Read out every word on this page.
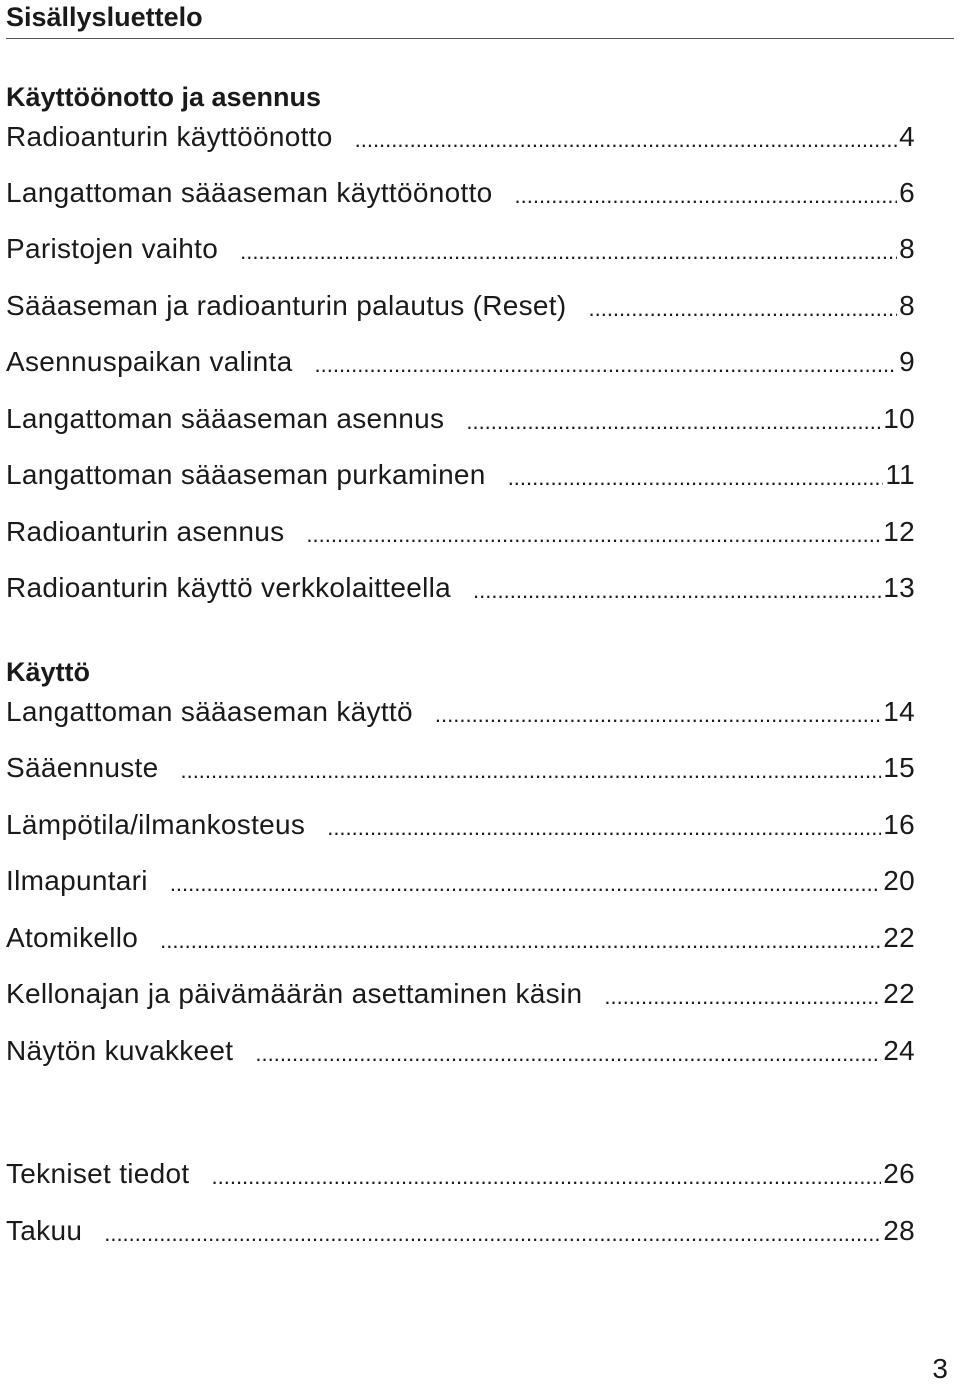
Sisällysluettelo
Käyttöönotto ja asennus
Radioanturin käyttöönotto .....	4
Langattoman sääaseman käyttöönotto .....	6
Paristojen vaihto .....	8
Sääaseman ja radioanturin palautus (Reset) .....	8
Asennuspaikan valinta .....	9
Langattoman sääaseman asennus .....	10
Langattoman sääaseman purkaminen .....	11
Radioanturin asennus .....	12
Radioanturin käyttö verkkolaitteella .....	13
Käyttö
Langattoman sääaseman käyttö .....	14
Sääennuste .....	15
Lämpötila/ilmankosteus .....	16
Ilmapuntari .....	20
Atomikello .....	22
Kellonajan ja päivämäärän asettaminen käsin .....	22
Näytön kuvakkeet .....	24
Tekniset tiedot .....	26
Takuu .....	28
3
